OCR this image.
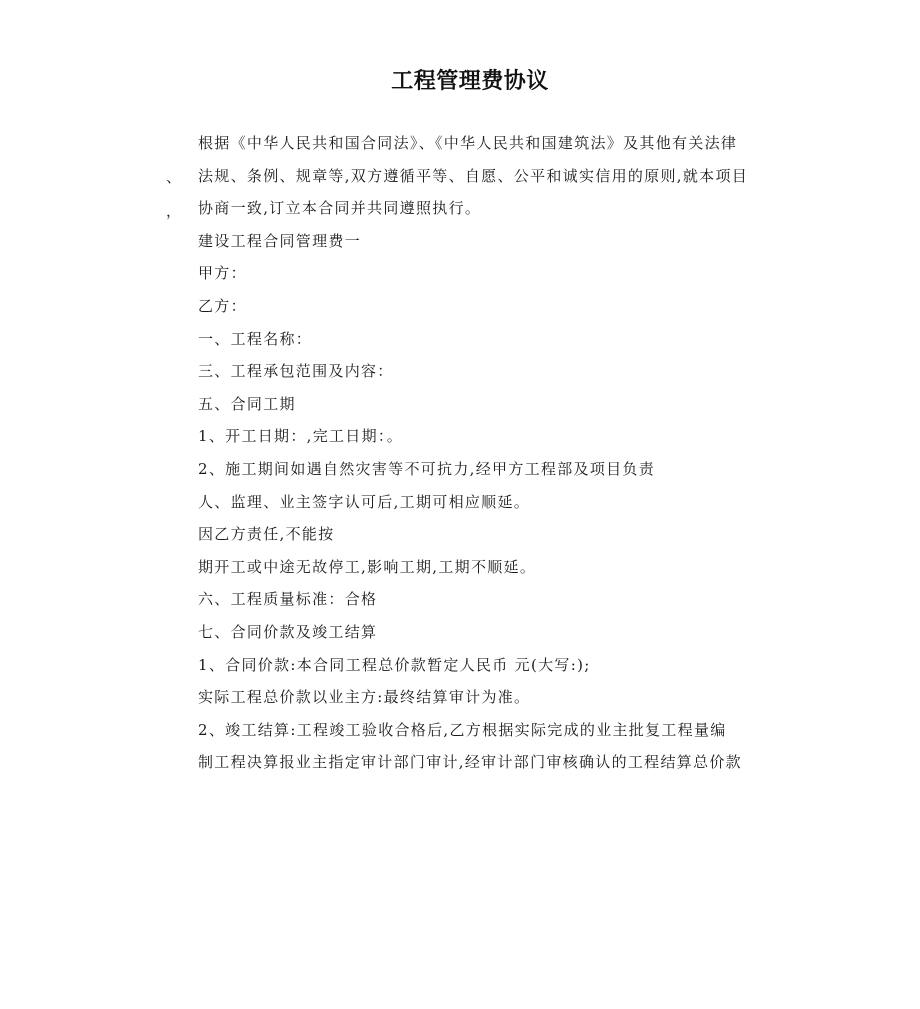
工程管理费协议
、
，
根据《中华人民共和国合同法》、《中华人民共和国建筑法》及其他有关法律
法规、条例、规章等,双方遵循平等、自愿、公平和诚实信用的原则,就本项目
协商一致,订立本合同并共同遵照执行。
建设工程合同管理费一
甲方：
乙方：
一、工程名称：
三、工程承包范围及内容：
五、合同工期
1、开工日期：,完工日期：。
2、施工期间如遇自然灾害等不可抗力,经甲方工程部及项目负责
人、监理、业主签字认可后,工期可相应顺延。
因乙方责任,不能按
期开工或中途无故停工,影响工期,工期不顺延。
六、工程质量标准：合格
七、合同价款及竣工结算
1、合同价款:本合同工程总价款暂定人民币 元(大写:);
实际工程总价款以业主方:最终结算审计为准。
2、竣工结算:工程竣工验收合格后,乙方根据实际完成的业主批复工程量编
制工程决算报业主指定审计部门审计,经审计部门审核确认的工程结算总价款
